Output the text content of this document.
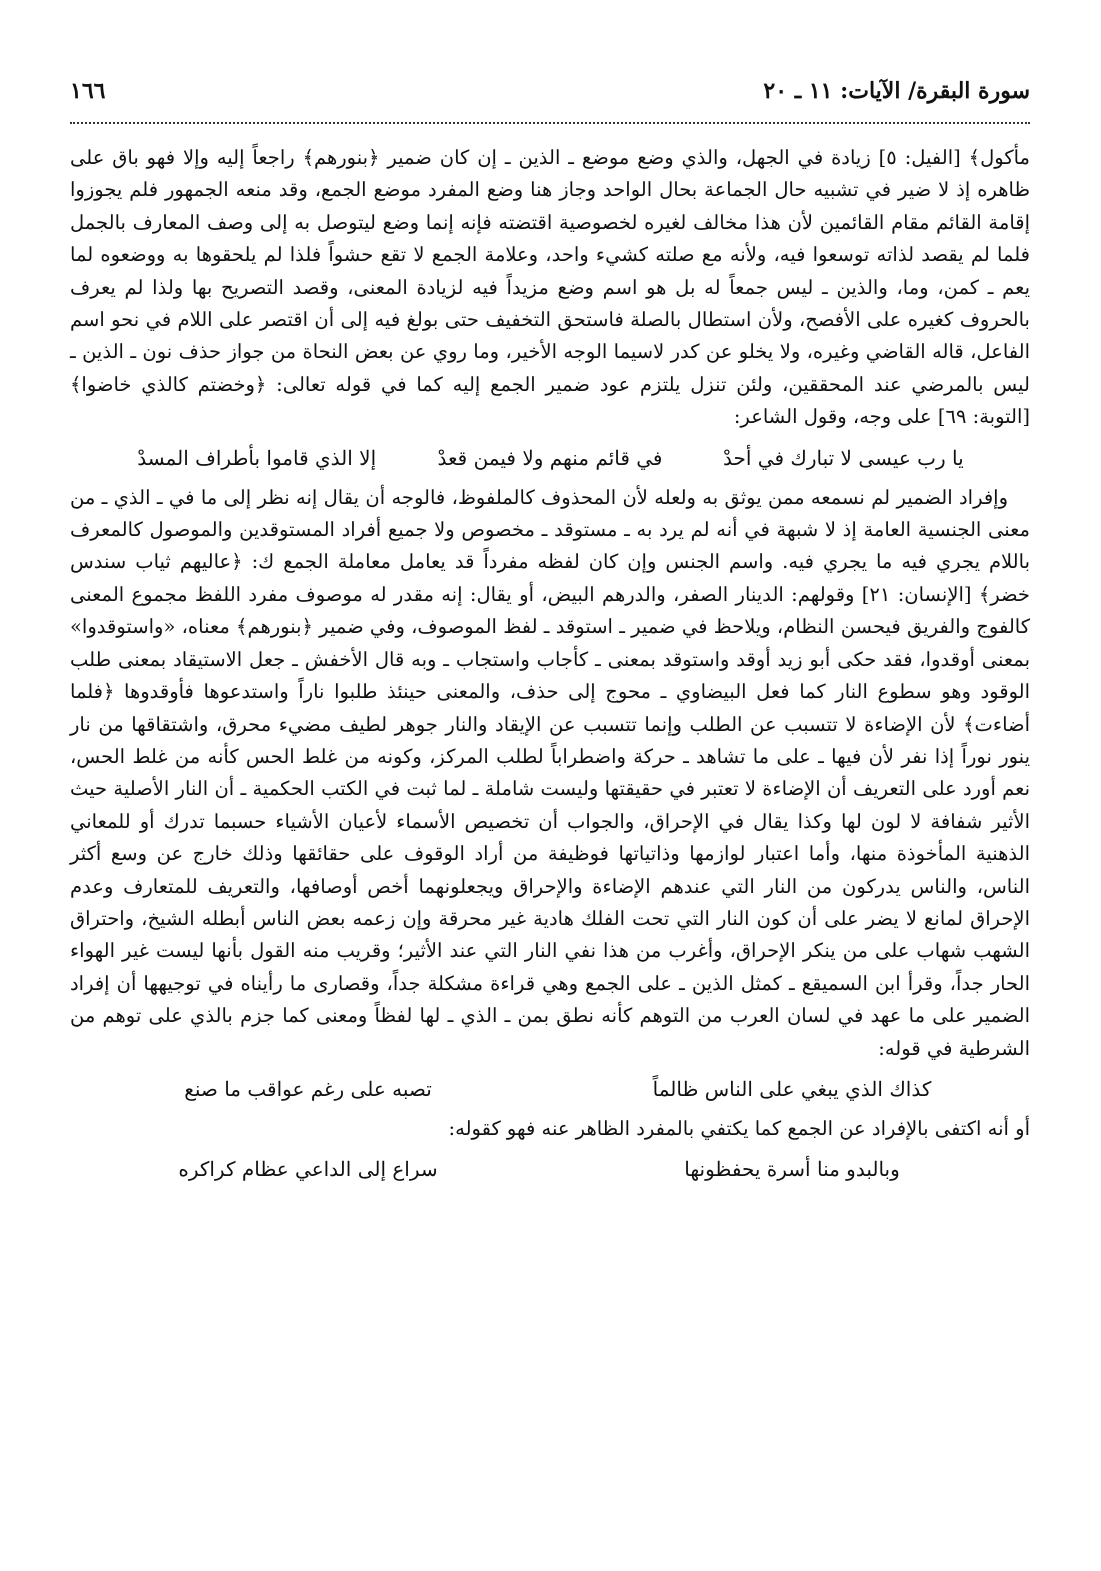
سورة البقرة/ الآيات: ١١ ـ ٢٠
١٦٦

مأكول﴾ [الفيل: ٥] زيادة في الجهل، والذي وضع موضع ـ الذين ـ إن كان ضمير ﴿بنورهم﴾ راجعاً إليه وإلا فهو باق على ظاهره إذ لا ضير في تشبيه حال الجماعة بحال الواحد وجاز هنا وضع المفرد موضع الجمع، وقد منعه الجمهور فلم يجوزوا إقامة القائم مقام القائمين لأن هذا مخالف لغيره لخصوصية اقتضته فإنه إنما وضع ليتوصل به إلى وصف المعارف بالجمل فلما لم يقصد لذاته توسعوا فيه، ولأنه مع صلته كشيء واحد، وعلامة الجمع لا تقع حشواً فلذا لم يلحقوها به ووضعوه لما يعم ـ كمن، وما، والذين ـ ليس جمعاً له بل هو اسم وضع مزيداً فيه لزيادة المعنى، وقصد التصريح بها ولذا لم يعرف بالحروف كغيره على الأفصح، ولأن استطال بالصلة فاستحق التخفيف حتى بولغ فيه إلى أن اقتصر على اللام في نحو اسم الفاعل، قاله القاضي وغيره، ولا يخلو عن كدر لاسيما الوجه الأخير، وما روي عن بعض النحاة من جواز حذف نون ـ الذين ـ ليس بالمرضي عند المحققين، ولئن تنزل يلتزم عود ضمير الجمع إليه كما في قوله تعالى: ﴿وخضتم كالذي خاضوا﴾ [التوبة: ٦٩] على وجه، وقول الشاعر:

يا رب عيسى لا تبارك في أحدْ
في قائم منهم ولا فيمن قعدْ
إلا الذي قاموا بأطراف المسدْ

وإفراد الضمير لم نسمعه ممن يوثق به ولعله لأن المحذوف كالملفوظ، فالوجه أن يقال إنه نظر إلى ما في ـ الذي ـ من معنى الجنسية العامة إذ لا شبهة في أنه لم يرد به ـ مستوقد ـ مخصوص ولا جميع أفراد المستوقدين والموصول كالمعرف باللام يجري فيه ما يجري فيه. واسم الجنس وإن كان لفظه مفرداً قد يعامل معاملة الجمع ك: ﴿عاليهم ثياب سندس خضر﴾ [الإنسان: ٢١] وقولهم: الدينار الصفر، والدرهم البيض، أو يقال: إنه مقدر له موصوف مفرد اللفظ مجموع المعنى كالفوج والفريق فيحسن النظام، ويلاحظ في ضمير ـ استوقد ـ لفظ الموصوف، وفي ضمير ﴿بنورهم﴾ معناه، «واستوقدوا» بمعنى أوقدوا، فقد حكى أبو زيد أوقد واستوقد بمعنى ـ كأجاب واستجاب ـ وبه قال الأخفش ـ جعل الاستيقاد بمعنى طلب الوقود وهو سطوع النار كما فعل البيضاوي ـ محوج إلى حذف، والمعنى حينئذ طلبوا ناراً واستدعوها فأوقدوها ﴿فلما أضاءت﴾ لأن الإضاءة لا تتسبب عن الطلب وإنما تتسبب عن الإيقاد والنار جوهر لطيف مضيء محرق، واشتقاقها من نار ينور نوراً إذا نفر لأن فيها ـ على ما تشاهد ـ حركة واضطراباً لطلب المركز، وكونه من غلط الحس كأنه من غلط الحس، نعم أورد على التعريف أن الإضاءة لا تعتبر في حقيقتها وليست شاملة ـ لما ثبت في الكتب الحكمية ـ أن النار الأصلية حيث الأثير شفافة لا لون لها وكذا يقال في الإحراق، والجواب أن تخصيص الأسماء لأعيان الأشياء حسبما تدرك أو للمعاني الذهنية المأخوذة منها، وأما اعتبار لوازمها وذاتياتها فوظيفة من أراد الوقوف على حقائقها وذلك خارج عن وسع أكثر الناس، والناس يدركون من النار التي عندهم الإضاءة والإحراق ويجعلونهما أخص أوصافها، والتعريف للمتعارف وعدم الإحراق لمانع لا يضر على أن كون النار التي تحت الفلك هادية غير محرقة وإن زعمه بعض الناس أبطله الشيخ، واحتراق الشهب شهاب على من ينكر الإحراق، وأغرب من هذا نفي النار التي عند الأثير؛ وقريب منه القول بأنها ليست غير الهواء الحار جداً، وقرأ ابن السميقع ـ كمثل الذين ـ على الجمع وهي قراءة مشكلة جداً، وقصارى ما رأيناه في توجيهها أن إفراد الضمير على ما عهد في لسان العرب من التوهم كأنه نطق بمن ـ الذي ـ لها لفظاً ومعنى كما جزم بالذي على توهم من الشرطية في قوله:

كذاك الذي يبغي على الناس ظالماً
تصبه على رغم عواقب ما صنع

أو أنه اكتفى بالإفراد عن الجمع كما يكتفي بالمفرد الظاهر عنه فهو كقوله:

وبالبدو منا أسرة يحفظونها
سراع إلى الداعي عظام كراكره
